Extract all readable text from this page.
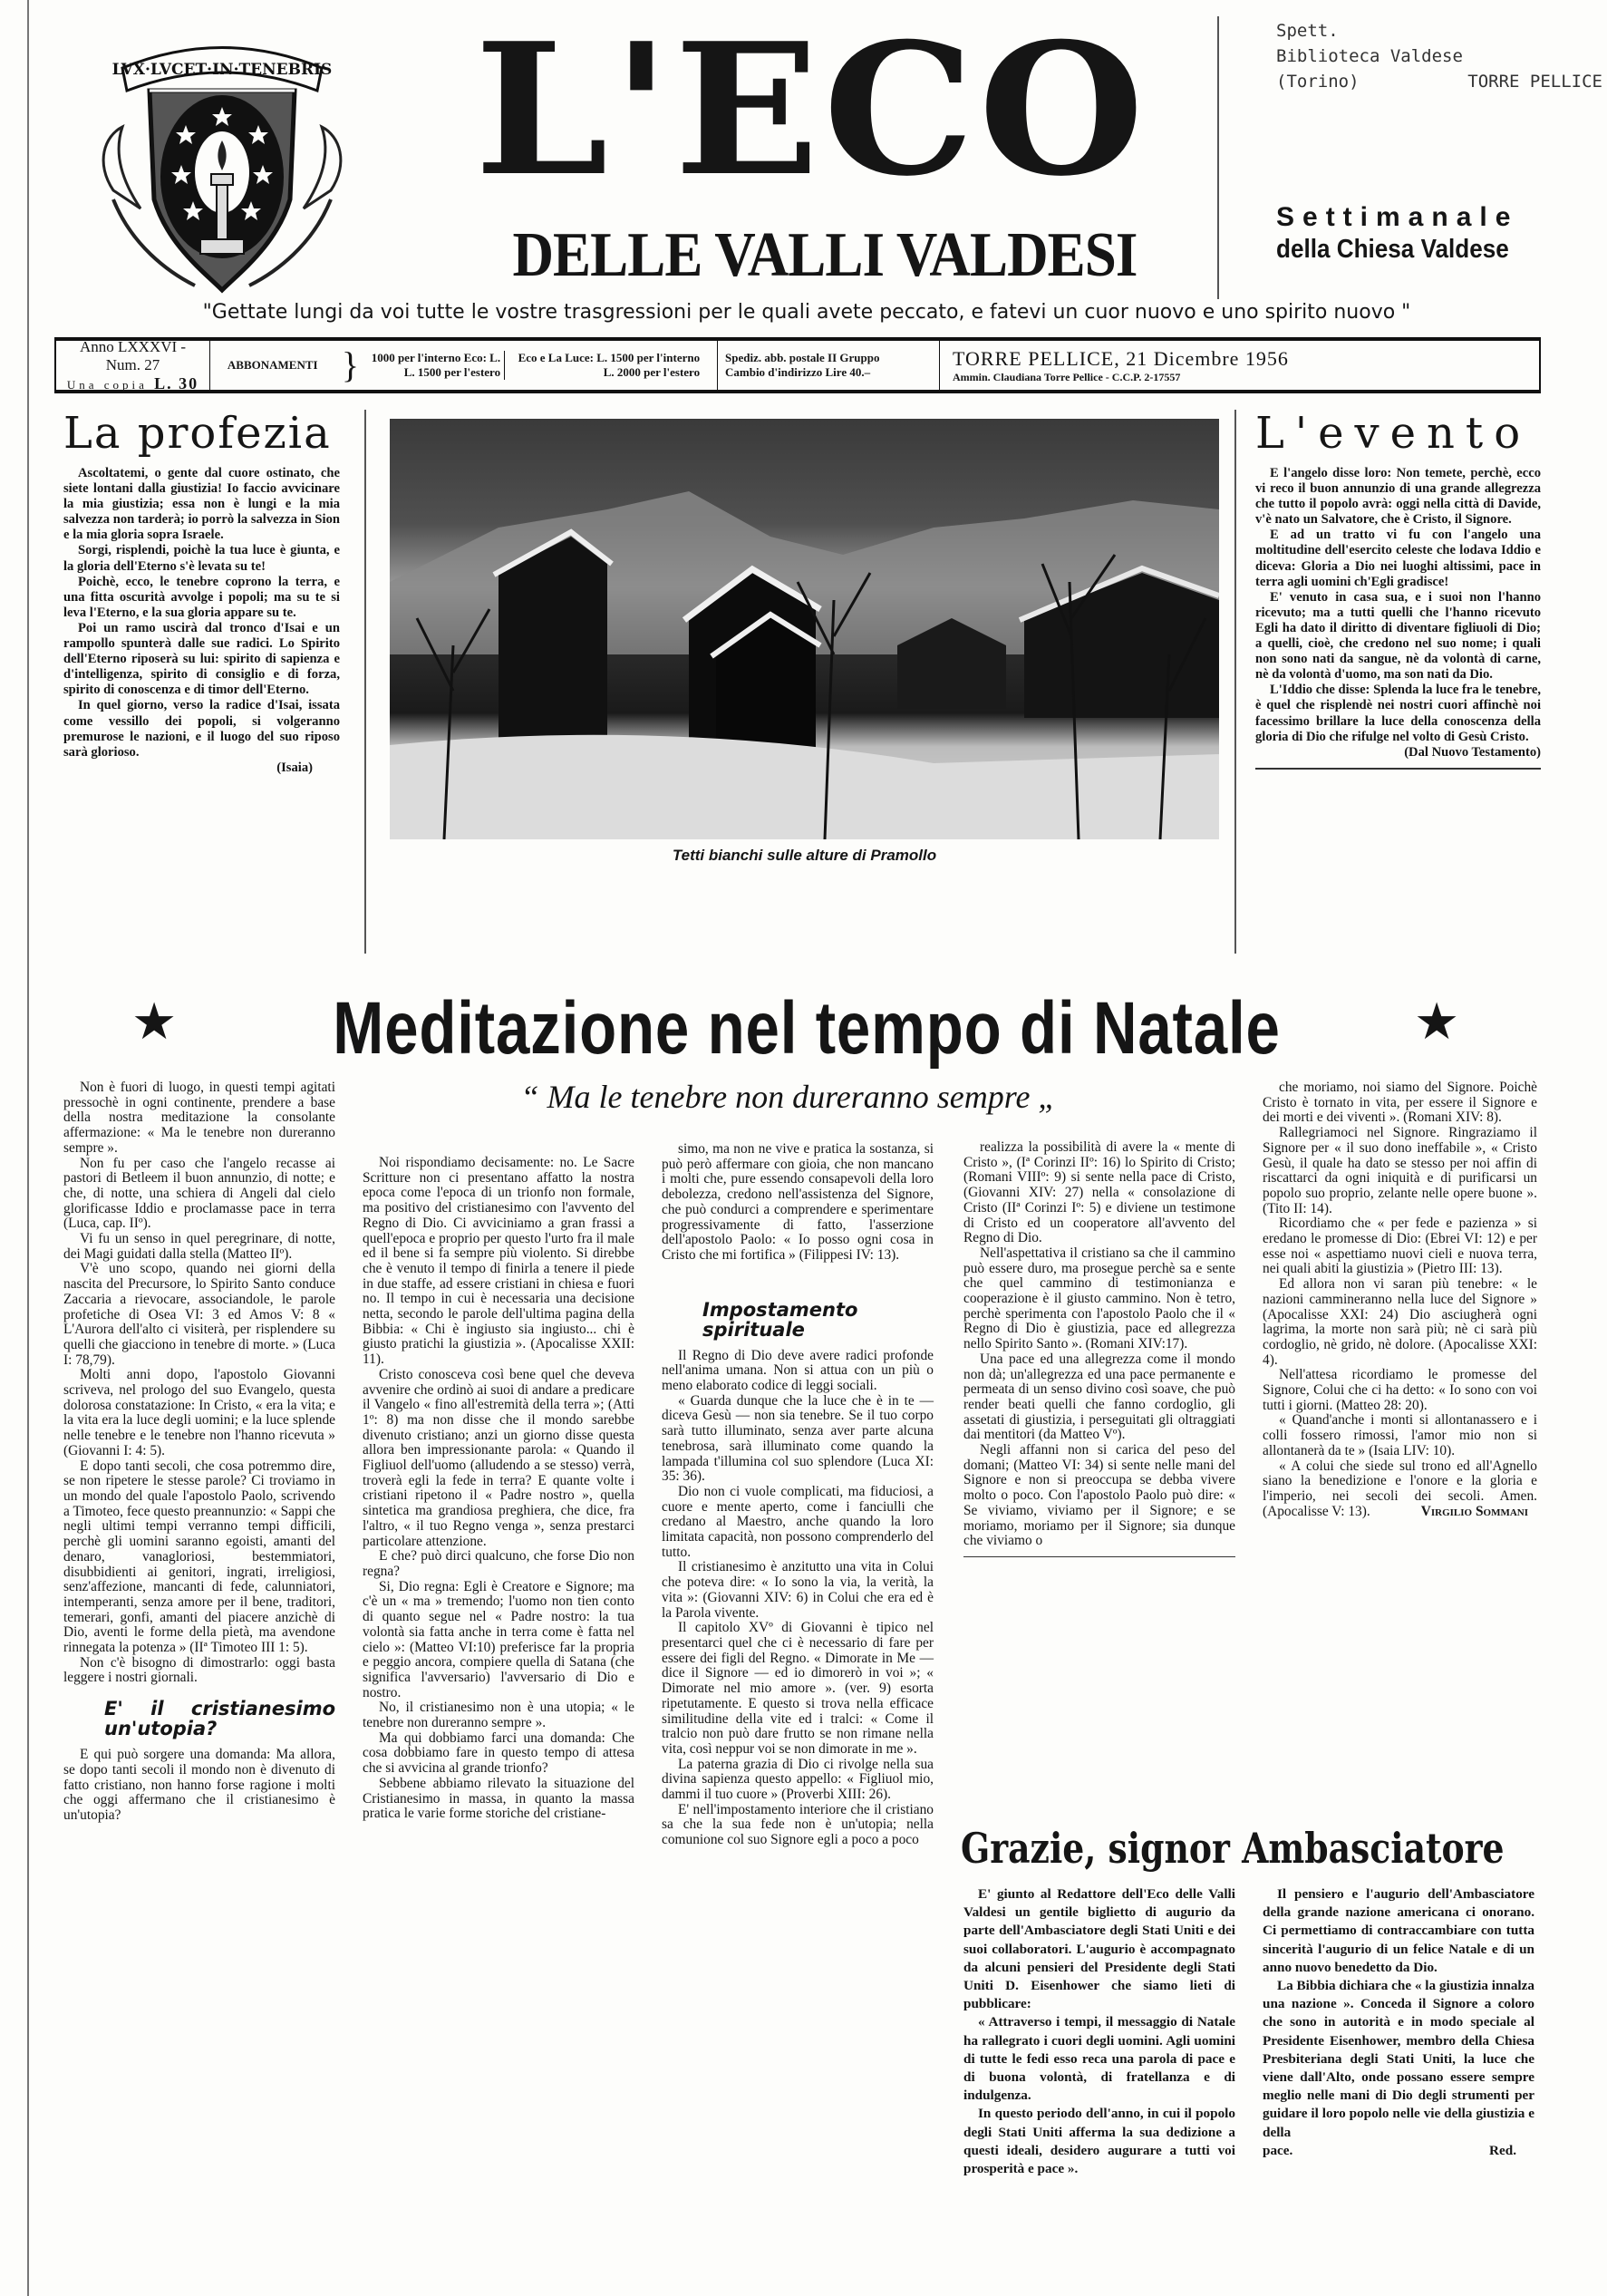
LVX·LVCET·IN·TENEBRIS L'ECO
DELLE VALLI VALDESI
Spett.
Biblioteca Valdese
(Torino)	TORRE PELLICE
Settimanale
della Chiesa Valdese
"Gettate lungi da voi tutte le vostre trasgressioni per le quali avete peccato, e fatevi un cuor nuovo e uno spirito nuovo "
Anno LXXXVI - Num. 27
Una copia L. 30
ABBONAMENTI }	1000 per l'interno Eco: L.
L. 1500 per l'estero
Eco e La Luce: L. 1500 per l'interno
L. 2000 per l'estero
Spediz. abb. postale II Gruppo
Cambio d'indirizzo Lire 40.–
TORRE PELLICE, 21 Dicembre 1956
Ammin. Claudiana Torre Pellice - C.C.P. 2-17557
La profezia

Ascoltatemi, o gente dal cuore ostinato, che siete lontani dalla giustizia! Io faccio avvicinare la mia giustizia; essa non è lungi e la mia salvezza non tarderà; io porrò la salvezza in Sion e la mia gloria sopra Israele.

Sorgi, risplendi, poichè la tua luce è giunta, e la gloria dell'Eterno s'è levata su te!

Poichè, ecco, le tenebre coprono la terra, e una fitta oscurità avvolge i popoli; ma su te si leva l'Eterno, e la sua gloria appare su te.

Poi un ramo uscirà dal tronco d'Isai e un rampollo spunterà dalle sue radici. Lo Spirito dell'Eterno riposerà su lui: spirito di sapienza e d'intelligenza, spirito di consiglio e di forza, spirito di conoscenza e di timor dell'Eterno.

In quel giorno, verso la radice d'Isai, issata come vessillo dei popoli, si volgeranno premurose le nazioni, e il luogo del suo riposo sarà glorioso.

(Isaia)
Tetti bianchi sulle alture di Pramollo
L'evento

E l'angelo disse loro: Non temete, perchè, ecco vi reco il buon annunzio di una grande allegrezza che tutto il popolo avrà: oggi nella città di Davide, v'è nato un Salvatore, che è Cristo, il Signore.

E ad un tratto vi fu con l'angelo una moltitudine dell'esercito celeste che lodava Iddio e diceva: Gloria a Dio nei luoghi altissimi, pace in terra agli uomini ch'Egli gradisce!

E' venuto in casa sua, e i suoi non l'hanno ricevuto; ma a tutti quelli che l'hanno ricevuto Egli ha dato il diritto di diventare figliuoli di Dio; a quelli, cioè, che credono nel suo nome; i quali non sono nati da sangue, nè da volontà di carne, nè da volontà d'uomo, ma son nati da Dio.

L'Iddio che disse: Splenda la luce fra le tenebre, è quel che risplendè nei nostri cuori affinchè noi facessimo brillare la luce della conoscenza della gloria di Dio che rifulge nel volto di Gesù Cristo.

(Dal Nuovo Testamento)
★ Meditazione nel tempo di Natale	★
“ Ma le tenebre non dureranno sempre „

Non è fuori di luogo, in questi tempi agitati pressochè in ogni continente, prendere a base della nostra meditazione la consolante affermazione: « Ma le tenebre non dureranno sempre ».

Non fu per caso che l'angelo recasse ai pastori di Betleem il buon annunzio, di notte; e che, di notte, una schiera di Angeli dal cielo glorificasse Iddio e proclamasse pace in terra (Luca, cap. IIº).

Vi fu un senso in quel peregrinare, di notte, dei Magi guidati dalla stella (Matteo IIº).

V'è uno scopo, quando nei giorni della nascita del Precursore, lo Spirito Santo conduce Zaccaria a rievocare, associandole, le parole profetiche di Osea VI: 3 ed Amos V: 8 « L'Aurora dell'alto ci visiterà, per risplendere su quelli che giacciono in tenebre di morte. » (Luca I: 78,79).

Molti anni dopo, l'apostolo Giovanni scriveva, nel prologo del suo Evangelo, questa dolorosa constatazione: In Cristo, « era la vita; e la vita era la luce degli uomini; e la luce splende nelle tenebre e le tenebre non l'hanno ricevuta » (Giovanni I: 4: 5).

E dopo tanti secoli, che cosa potremmo dire, se non ripetere le stesse parole? Ci troviamo in un mondo del quale l'apostolo Paolo, scrivendo a Timoteo, fece questo preannunzio: « Sappi che negli ultimi tempi verranno tempi difficili, perchè gli uomini saranno egoisti, amanti del denaro, vanagloriosi, bestemmiatori, disubbidienti ai genitori, ingrati, irreligiosi, senz'affezione, mancanti di fede, calunniatori, intemperanti, senza amore per il bene, traditori, temerari, gonfi, amanti del piacere anzichè di Dio, aventi le forme della pietà, ma avendone rinnegata la potenza » (IIª Timoteo III 1: 5).

Non c'è bisogno di dimostrarlo: oggi basta leggere i nostri giornali.

E' il cristianesimo un'utopia?

E qui può sorgere una domanda: Ma allora, se dopo tanti secoli il mondo non è divenuto di fatto cristiano, non hanno forse ragione i molti che oggi affermano che il cristianesimo è un'utopia?

Noi rispondiamo decisamente: no. Le Sacre Scritture non ci presentano affatto la nostra epoca come l'epoca di un trionfo non formale, ma positivo del cristianesimo con l'avvento del Regno di Dio. Ci avviciniamo a gran frassi a quell'epoca e proprio per questo l'urto fra il male ed il bene si fa sempre più violento. Si direbbe che è venuto il tempo di finirla a tenere il piede in due staffe, ad essere cristiani in chiesa e fuori no. Il tempo in cui è necessaria una decisione netta, secondo le parole dell'ultima pagina della Bibbia: « Chi è ingiusto sia ingiusto... chi è giusto pratichi la giustizia ». (Apocalisse XXII: 11).

Cristo conosceva così bene quel che deveva avvenire che ordinò ai suoi di andare a predicare il Vangelo « fino all'estremità della terra »; (Atti 1º: 8) ma non disse che il mondo sarebbe divenuto cristiano; anzi un giorno disse questa allora ben impressionante parola: « Quando il Figliuol dell'uomo (alludendo a se stesso) verrà, troverà egli la fede in terra? E quante volte i cristiani ripetono il « Padre nostro », quella sintetica ma grandiosa preghiera, che dice, fra l'altro, « il tuo Regno venga », senza prestarci particolare attenzione.

E che? può dirci qualcuno, che forse Dio non regna?

Si, Dio regna: Egli è Creatore e Signore; ma c'è un « ma » tremendo; l'uomo non tien conto di quanto segue nel « Padre nostro: la tua volontà sia fatta anche in terra come è fatta nel cielo »: (Matteo VI:10) preferisce far la propria e peggio ancora, compiere quella di Satana (che significa l'avversario) l'avversario di Dio e nostro.

No, il cristianesimo non è una utopia; « le tenebre non dureranno sempre ».

Ma qui dobbiamo farci una domanda: Che cosa dobbiamo fare in questo tempo di attesa che si avvicina al grande trionfo?

Sebbene abbiamo rilevato la situazione del Cristianesimo in massa, in quanto la massa pratica le varie forme storiche del cristiane-

simo, ma non ne vive e pratica la sostanza, si può però affermare con gioia, che non mancano i molti che, pure essendo consapevoli della loro debolezza, credono nell'assistenza del Signore, che può condurci a comprendere e sperimentare progressivamente di fatto, l'asserzione dell'apostolo Paolo: « Io posso ogni cosa in Cristo che mi fortifica » (Filippesi IV: 13).

Impostamento spirituale

Il Regno di Dio deve avere radici profonde nell'anima umana. Non si attua con un più o meno elaborato codice di leggi sociali.

« Guarda dunque che la luce che è in te — diceva Gesù — non sia tenebre. Se il tuo corpo sarà tutto illuminato, senza aver parte alcuna tenebrosa, sarà illuminato come quando la lampada t'illumina col suo splendore (Luca XI: 35: 36).

Dio non ci vuole complicati, ma fiduciosi, a cuore e mente aperto, come i fanciulli che credano al Maestro, anche quando la loro limitata capacità, non possono comprenderlo del tutto.

Il cristianesimo è anzitutto una vita in Colui che poteva dire: « Io sono la via, la verità, la vita »: (Giovanni XIV: 6) in Colui che era ed è la Parola vivente.

Il capitolo XVº di Giovanni è tipico nel presentarci quel che ci è necessario di fare per essere dei figli del Regno. « Dimorate in Me — dice il Signore — ed io dimorerò in voi »; « Dimorate nel mio amore ». (ver. 9) esorta ripetutamente. E questo si trova nella efficace similitudine della vite ed i tralci: « Come il tralcio non può dare frutto se non rimane nella vita, così neppur voi se non dimorate in me ».

La paterna grazia di Dio ci rivolge nella sua divina sapienza questo appello: « Figliuol mio, dammi il tuo cuore » (Proverbi XIII: 26).

E' nell'impostamento interiore che il cristiano sa che la sua fede non è un'utopia; nella comunione col suo Signore egli a poco a poco

realizza la possibilità di avere la « mente di Cristo », (Iª Corinzi IIº: 16) lo Spirito di Cristo; (Romani VIIIº: 9) si sente nella pace di Cristo, (Giovanni XIV: 27) nella « consolazione di Cristo (IIª Corinzi Iº: 5) e diviene un testimone di Cristo ed un cooperatore all'avvento del Regno di Dio.

Nell'aspettativa il cristiano sa che il cammino può essere duro, ma prosegue perchè sa e sente che quel cammino di testimonianza e cooperazione è il giusto cammino. Non è tetro, perchè sperimenta con l'apostolo Paolo che il « Regno di Dio è giustizia, pace ed allegrezza nello Spirito Santo ». (Romani XIV:17).

Una pace ed una allegrezza come il mondo non dà; un'allegrezza ed una pace permanente e permeata di un senso divino così soave, che può render beati quelli che fanno cordoglio, gli assetati di giustizia, i perseguitati gli oltraggiati dai mentitori (da Matteo Vº).

Negli affanni non si carica del peso del domani; (Matteo VI: 34) si sente nelle mani del Signore e non si preoccupa se debba vivere molto o poco. Con l'apostolo Paolo può dire: « Se viviamo, viviamo per il Signore; e se moriamo, moriamo per il Signore; sia dunque che viviamo o

che moriamo, noi siamo del Signore. Poichè Cristo è tornato in vita, per essere il Signore e dei morti e dei viventi ». (Romani XIV: 8).

Rallegriamoci nel Signore. Ringraziamo il Signore per « il suo dono ineffabile », « Cristo Gesù, il quale ha dato se stesso per noi affin di riscattarci da ogni iniquità e di purificarsi un popolo suo proprio, zelante nelle opere buone ». (Tito II: 14).

Ricordiamo che « per fede e pazienza » si eredano le promesse di Dio: (Ebrei VI: 12) e per esse noi « aspettiamo nuovi cieli e nuova terra, nei quali abiti la giustizia » (Pietro III: 13).

Ed allora non vi saran più tenebre: « le nazioni cammineranno nella luce del Signore » (Apocalisse XXI: 24) Dio asciugherà ogni lagrima, la morte non sarà più; nè ci sarà più cordoglio, nè grido, nè dolore. (Apocalisse XXI: 4).

Nell'attesa ricordiamo le promesse del Signore, Colui che ci ha detto: « Io sono con voi tutti i giorni. (Matteo 28: 20).

« Quand'anche i monti si allontanassero e i colli fossero rimossi, l'amor mio non si allontanerà da te » (Isaia LIV: 10).

« A colui che siede sul trono ed all'Agnello siano la benedizione e l'onore e la gloria e l'imperio, nei secoli dei secoli. Amen. (Apocalisse V: 13).	Virgilio Sommani
Grazie, signor Ambasciatore

E' giunto al Redattore dell'Eco delle Valli Valdesi un gentile biglietto di augurio da parte dell'Ambasciatore degli Stati Uniti e dei suoi collaboratori. L'augurio è accompagnato da alcuni pensieri del Presidente degli Stati Uniti D. Eisenhower che siamo lieti di pubblicare:

« Attraverso i tempi, il messaggio di Natale ha rallegrato i cuori degli uomini. Agli uomini di tutte le fedi esso reca una parola di pace e di buona volontà, di fratellanza e di indulgenza.

In questo periodo dell'anno, in cui il popolo degli Stati Uniti afferma la sua dedizione a questi ideali, desidero augurare a tutti voi prosperità e pace ».

Il pensiero e l'augurio dell'Ambasciatore della grande nazione americana ci onorano. Ci permettiamo di contraccambiare con tutta sincerità l'augurio di un felice Natale e di un anno nuovo benedetto da Dio.

La Bibbia dichiara che « la giustizia innalza una nazione ». Conceda il Signore a coloro che sono in autorità e in modo speciale al Presidente Eisenhower, membro della Chiesa Presbiteriana degli Stati Uniti, la luce che viene dall'Alto, onde possano essere sempre meglio nelle mani di Dio degli strumenti per guidare il loro popolo nelle vie della giustizia e della

pace.	Red.
